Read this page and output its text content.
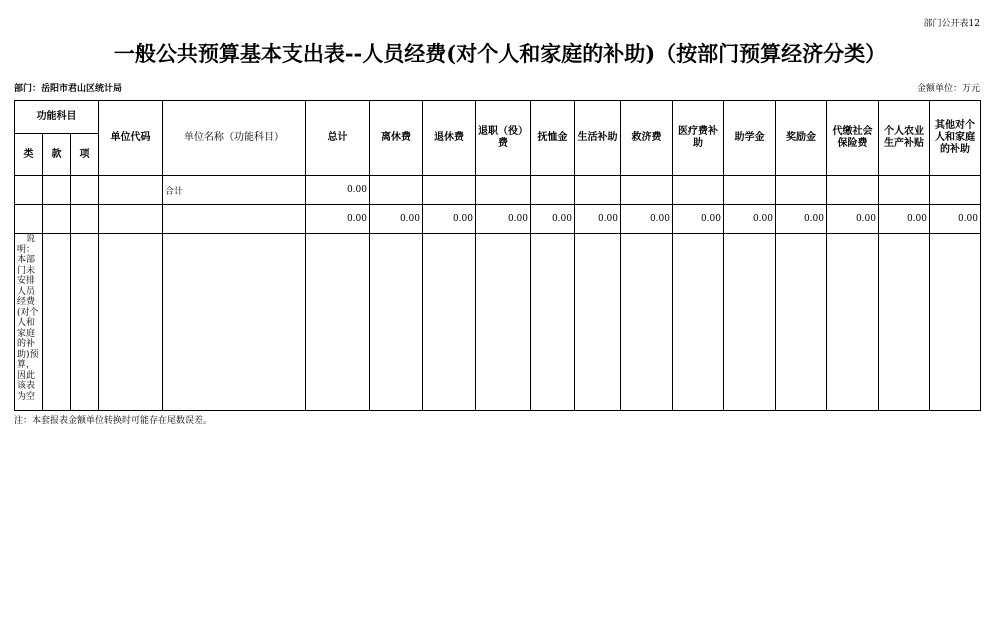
部门公开表12
一般公共预算基本支出表--人员经费(对个人和家庭的补助)（按部门预算经济分类）
部门：岳阳市君山区统计局	金额单位：万元
功能科目			单位代码	单位名称（功能科目）	总计	离休费	退休费	退职（役）费	抚恤金	生活补助	救济费	医疗费补助	助学金	奖励金	代缴社会保险费	个人农业生产补贴	其他对个人和家庭的补助
类	款	项															
				合计	0.00												
					0.00	0.00	0.00	0.00	0.00	0.00	0.00	0.00	0.00	0.00	0.00	0.00	0.00
说明：本部门未安排人员经费(对个人和家庭的补助)预算，因此该表为空																	
注：本套报表金额单位转换时可能存在尾数误差。
